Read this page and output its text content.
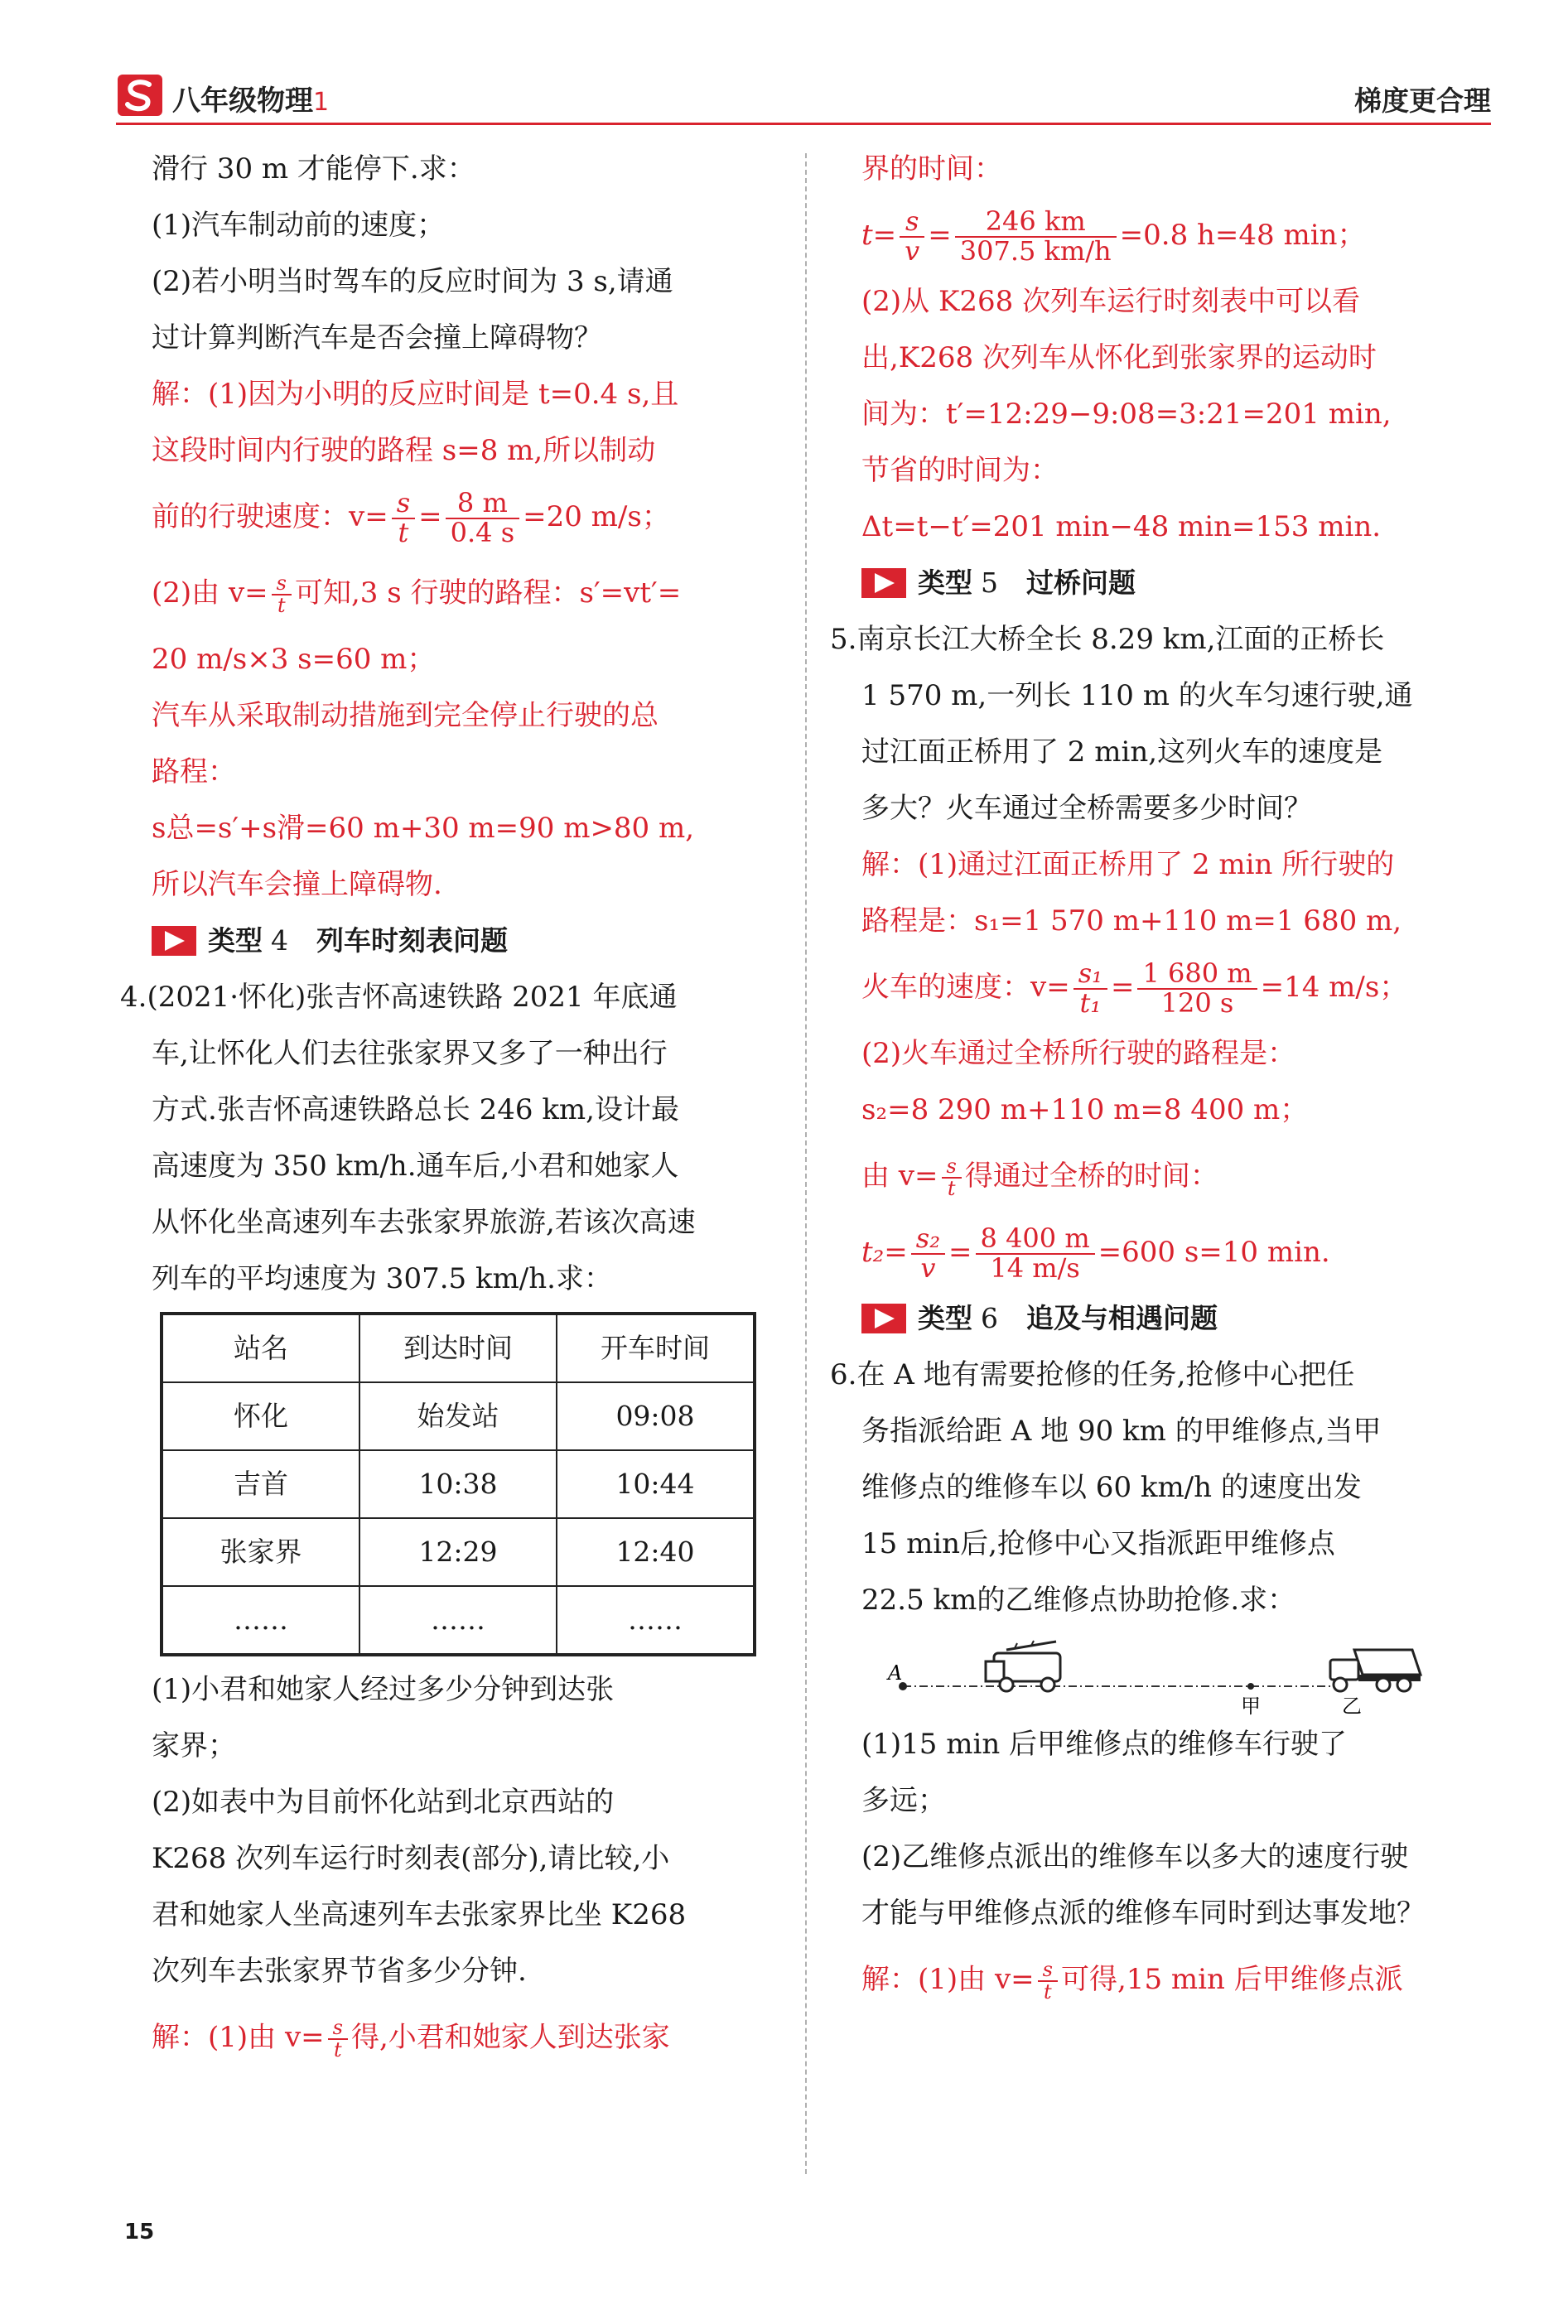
八年级物理1	梯度更合理
滑行 30 m 才能停下.求：
(1)汽车制动前的速度；
(2)若小明当时驾车的反应时间为 3 s,请通
过计算判断汽车是否会撞上障碍物？
解：(1)因为小明的反应时间是 t=0.4 s,且
这段时间内行驶的路程 s=8 m,所以制动
前的行驶速度：$v= \frac{s}{t} = \frac{8 m}{0.4 s} =20$ m/s；
(2)由 $v= \frac{s}{t}$ 可知,3 s 行驶的路程：s′=vt′=
20 m/s×3 s=60 m；
汽车从采取制动措施到完全停止行驶的总
路程：
s总=s′+s滑=60 m+30 m=90 m>80 m,
所以汽车会撞上障碍物.
类型 4 列车时刻表问题
4.(2021·怀化)张吉怀高速铁路 2021 年底通
车,让怀化人们去往张家界又多了一种出行
方式.张吉怀高速铁路总长 246 km,设计最
高速度为 350 km/h.通车后,小君和她家人
从怀化坐高速列车去张家界旅游,若该次高速
列车的平均速度为 307.5 km/h.求：
站名	到达时间	开车时间
怀化	始发站	09:08
吉首	10:38	10:44
张家界	12:29	12:40
……	……	……
(1)小君和她家人经过多少分钟到达张
家界；
(2)如表中为目前怀化站到北京西站的
K268 次列车运行时刻表(部分),请比较,小
君和她家人坐高速列车去张家界比坐 K268
次列车去张家界节省多少分钟.
解：(1)由 $v= \frac{s}{t}$ 得,小君和她家人到达张家
界的时间：
$t= \frac{s}{v} = \frac{246 km}{307.5 km/h} =0.8$ h=48 min；
(2)从 K268 次列车运行时刻表中可以看
出,K268 次列车从怀化到张家界的运动时
间为：t′=12:29−9:08=3:21=201 min,
节省的时间为：
Δt=t−t′=201 min−48 min=153 min.
类型 5 过桥问题
5.南京长江大桥全长 8.29 km,江面的正桥长
1 570 m,一列长 110 m 的火车匀速行驶,通
过江面正桥用了 2 min,这列火车的速度是
多大？火车通过全桥需要多少时间？
解：(1)通过江面正桥用了 2 min 所行驶的
路程是：s₁=1 570 m+110 m=1 680 m,
火车的速度：$v= \frac{\text{s₁}}{\text{t₁}} = \frac{1 680 m}{120 s} =14$ m/s；
(2)火车通过全桥所行驶的路程是：
s₂=8 290 m+110 m=8 400 m；
由 $v= \frac{s}{t}$ 得通过全桥的时间：
$t_2= \frac{\text{s₂}}{v} = \frac{8 400 m}{14 m/s} =600$ s=10 min.
类型 6 追及与相遇问题
6.在 A 地有需要抢修的任务,抢修中心把任
务指派给距 A 地 90 km 的甲维修点,当甲
维修点的维修车以 60 km/h 的速度出发
15 min后,抢修中心又指派距甲维修点
22.5 km的乙维修点协助抢修.求：
A
甲	乙
(1)15 min 后甲维修点的维修车行驶了
多远；
(2)乙维修点派出的维修车以多大的速度行驶
才能与甲维修点派的维修车同时到达事发地？
解：(1)由 $v= \frac{s}{t}$ 可得,15 min 后甲维修点派
15
